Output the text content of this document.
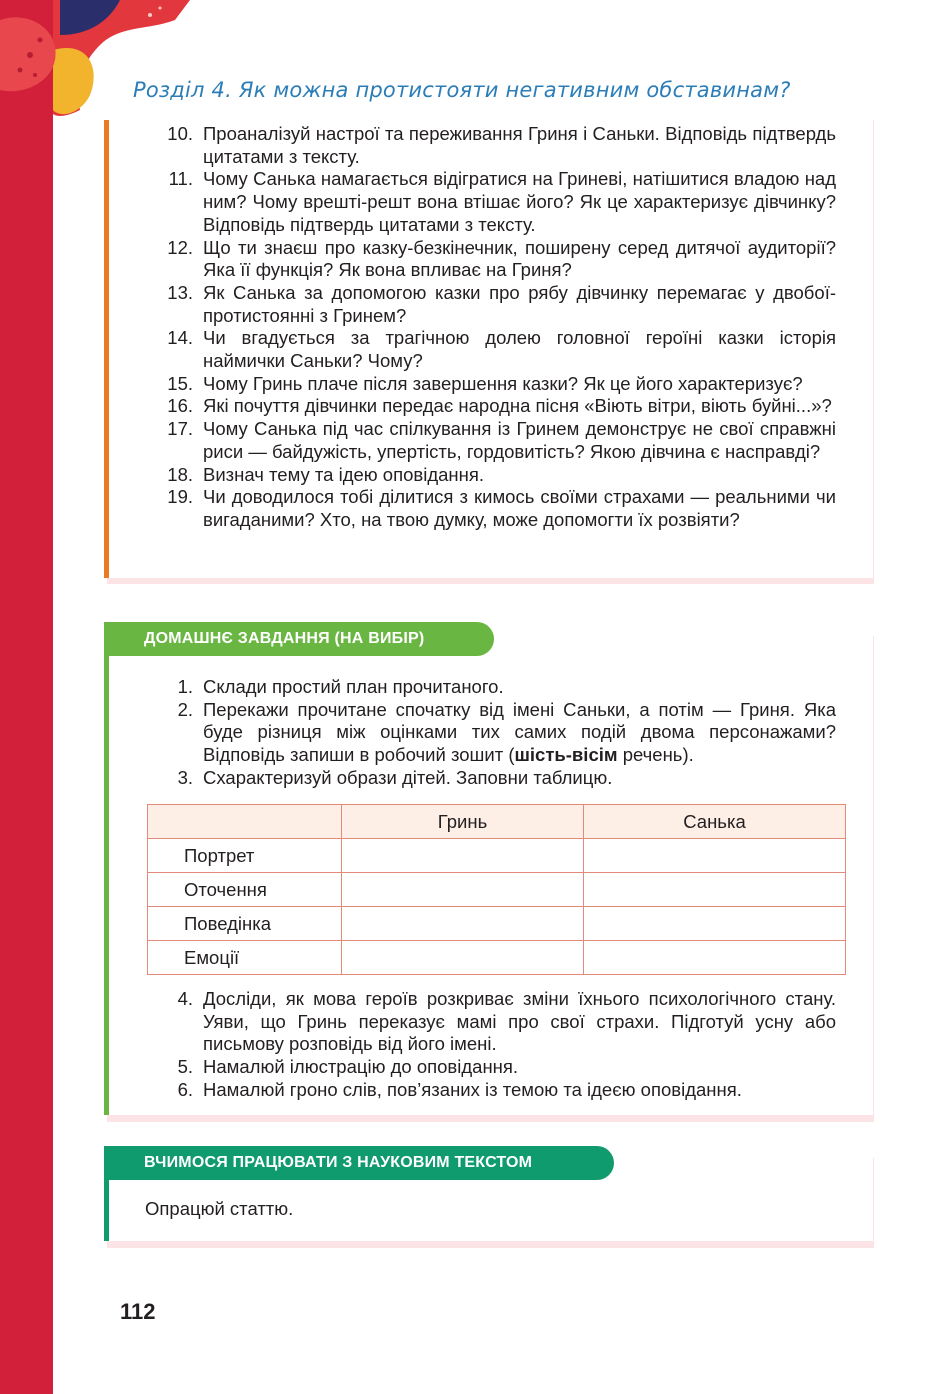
Розділ 4. Як можна протистояти негативним обставинам?
10. Проаналізуй настрої та переживання Гриня і Саньки. Відповідь підтвердь цитатами з тексту.
11. Чому Санька намагається відігратися на Гриневі, натішитися владою над ним? Чому врешті-решт вона втішає його? Як це характеризує дівчинку? Відповідь підтвердь цитатами з тексту.
12. Що ти знаєш про казку-безкінечник, поширену серед дитячої аудиторії? Яка її функція? Як вона впливає на Гриня?
13. Як Санька за допомогою казки про рябу дівчинку перемагає у двобої-протистоянні з Гринем?
14. Чи вгадується за трагічною долею головної героїні казки історія наймички Саньки? Чому?
15. Чому Гринь плаче після завершення казки? Як це його характеризує?
16. Які почуття дівчинки передає народна пісня «Віють вітри, віють буйні...»?
17. Чому Санька під час спілкування із Гринем демонструє не свої справжні риси — байдужість, упертість, гордовитість? Якою дівчина є насправді?
18. Визнач тему та ідею оповідання.
19. Чи доводилося тобі ділитися з кимось своїми страхами — реальними чи вигаданими? Хто, на твою думку, може допомогти їх розвіяти?
1. Склади простий план прочитаного.
2. Перекажи прочитане спочатку від імені Саньки, а потім — Гриня. Яка буде різниця між оцінками тих самих подій двома персонажами? Відповідь запиши в робочий зошит (шість-вісім речень).
3. Схарактеризуй образи дітей. Заповни таблицю.
	Гринь	Санька
Портрет		
Оточення		
Поведінка		
Емоції		
4. Досліди, як мова героїв розкриває зміни їхнього психологічного стану. Уяви, що Гринь переказує мамі про свої страхи. Підготуй усну або письмову розповідь від його імені.
5. Намалюй ілюстрацію до оповідання.
6. Намалюй гроно слів, пов’язаних із темою та ідеєю оповідання.
ДОМАШНЄ ЗАВДАННЯ (НА ВИБІР)
Опрацюй статтю.
ВЧИМОСЯ ПРАЦЮВАТИ З НАУКОВИМ ТЕКСТОМ
112
